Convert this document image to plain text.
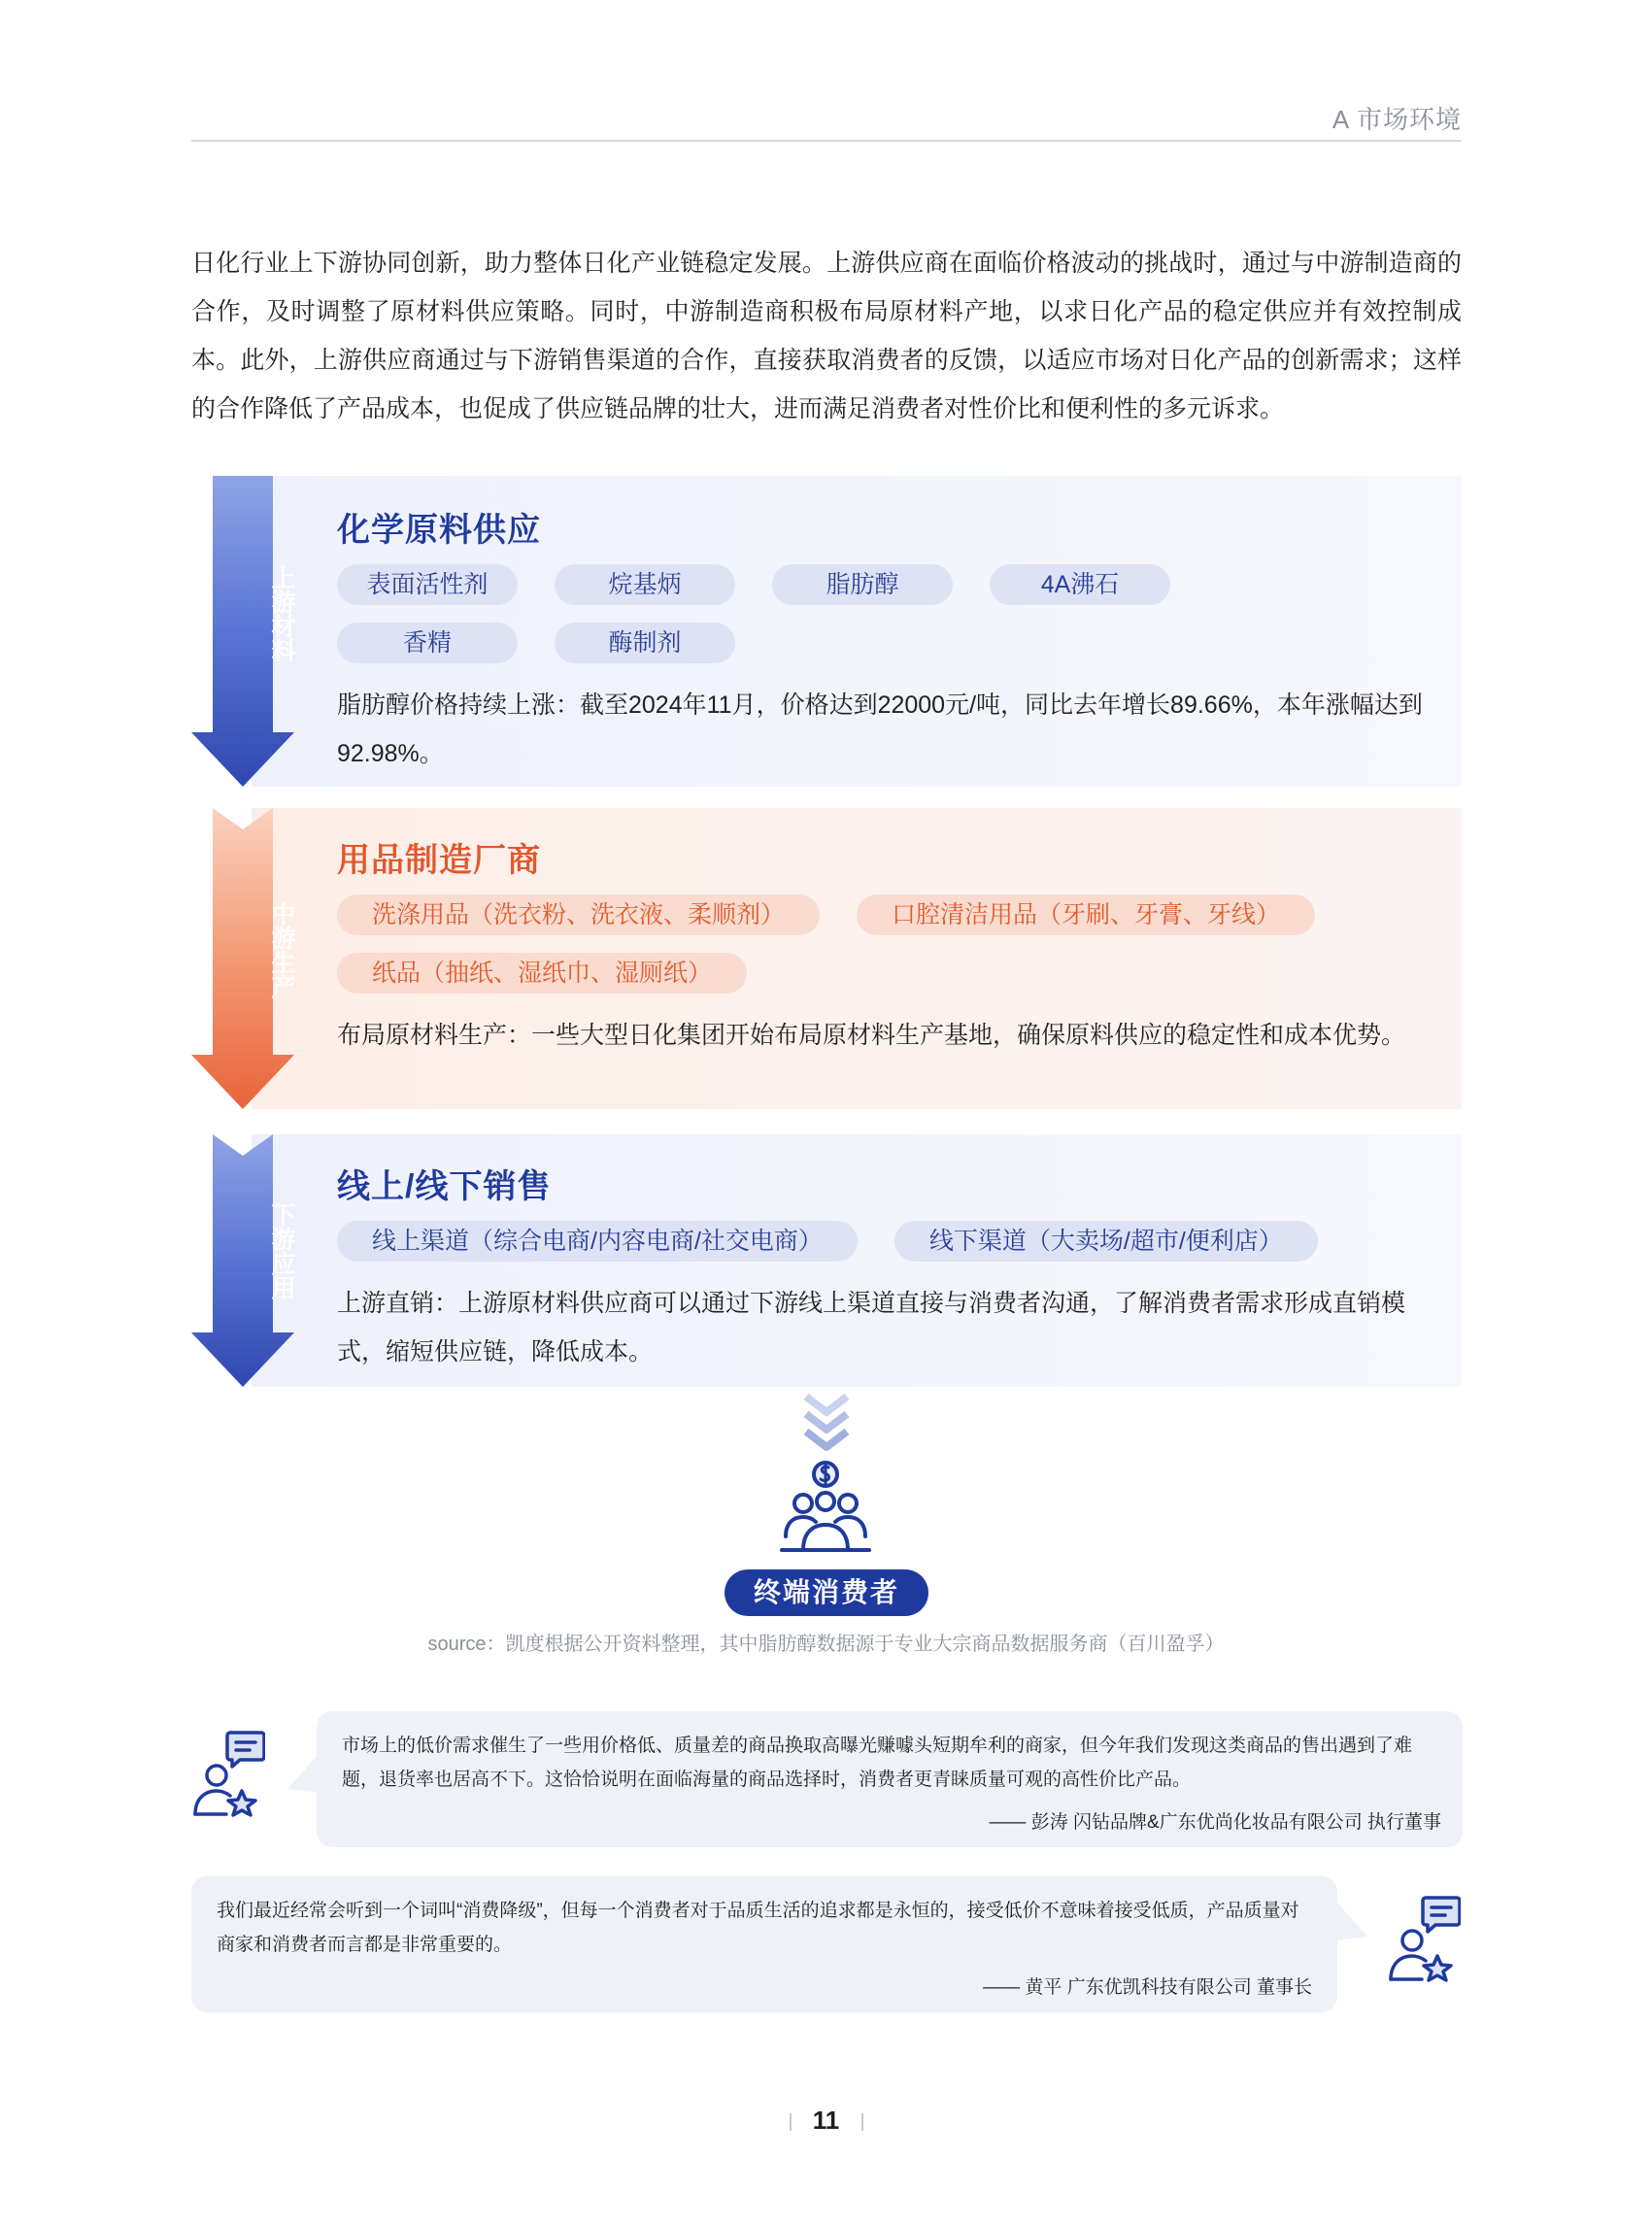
A 市场环境
日化行业上下游协同创新，助力整体日化产业链稳定发展。上游供应商在面临价格波动的挑战时，通过与中游制造商的合作，及时调整了原材料供应策略。同时，中游制造商积极布局原材料产地，以求日化产品的稳定供应并有效控制成本。此外，上游供应商通过与下游销售渠道的合作，直接获取消费者的反馈，以适应市场对日化产品的创新需求；这样的合作降低了产品成本，也促成了供应链品牌的壮大，进而满足消费者对性价比和便利性的多元诉求。
上游材料
化学原料供应
表面活性剂	烷基炳	脂肪醇	4A沸石
香精	酶制剂
脂肪醇价格持续上涨：截至2024年11月，价格达到22000元/吨，同比去年增长89.66%，本年涨幅达到92.98%。
中游生产
用品制造厂商
洗涤用品（洗衣粉、洗衣液、柔顺剂）	口腔清洁用品（牙刷、牙膏、牙线）
纸品（抽纸、湿纸巾、湿厕纸）
布局原材料生产：一些大型日化集团开始布局原材料生产基地，确保原料供应的稳定性和成本优势。
下游应用
线上/线下销售
线上渠道（综合电商/内容电商/社交电商）	线下渠道（大卖场/超市/便利店）
上游直销：上游原材料供应商可以通过下游线上渠道直接与消费者沟通，了解消费者需求形成直销模式，缩短供应链，降低成本。
终端消费者
source：凯度根据公开资料整理，其中脂肪醇数据源于专业大宗商品数据服务商（百川盈孚）
市场上的低价需求催生了一些用价格低、质量差的商品换取高曝光赚噱头短期牟利的商家，但今年我们发现这类商品的售出遇到了难题，退货率也居高不下。这恰恰说明在面临海量的商品选择时，消费者更青睐质量可观的高性价比产品。
—— 彭涛 闪钻品牌&广东优尚化妆品有限公司 执行董事
我们最近经常会听到一个词叫“消费降级”，但每一个消费者对于品质生活的追求都是永恒的，接受低价不意味着接受低质，产品质量对商家和消费者而言都是非常重要的。
—— 黄平 广东优凯科技有限公司 董事长
11
